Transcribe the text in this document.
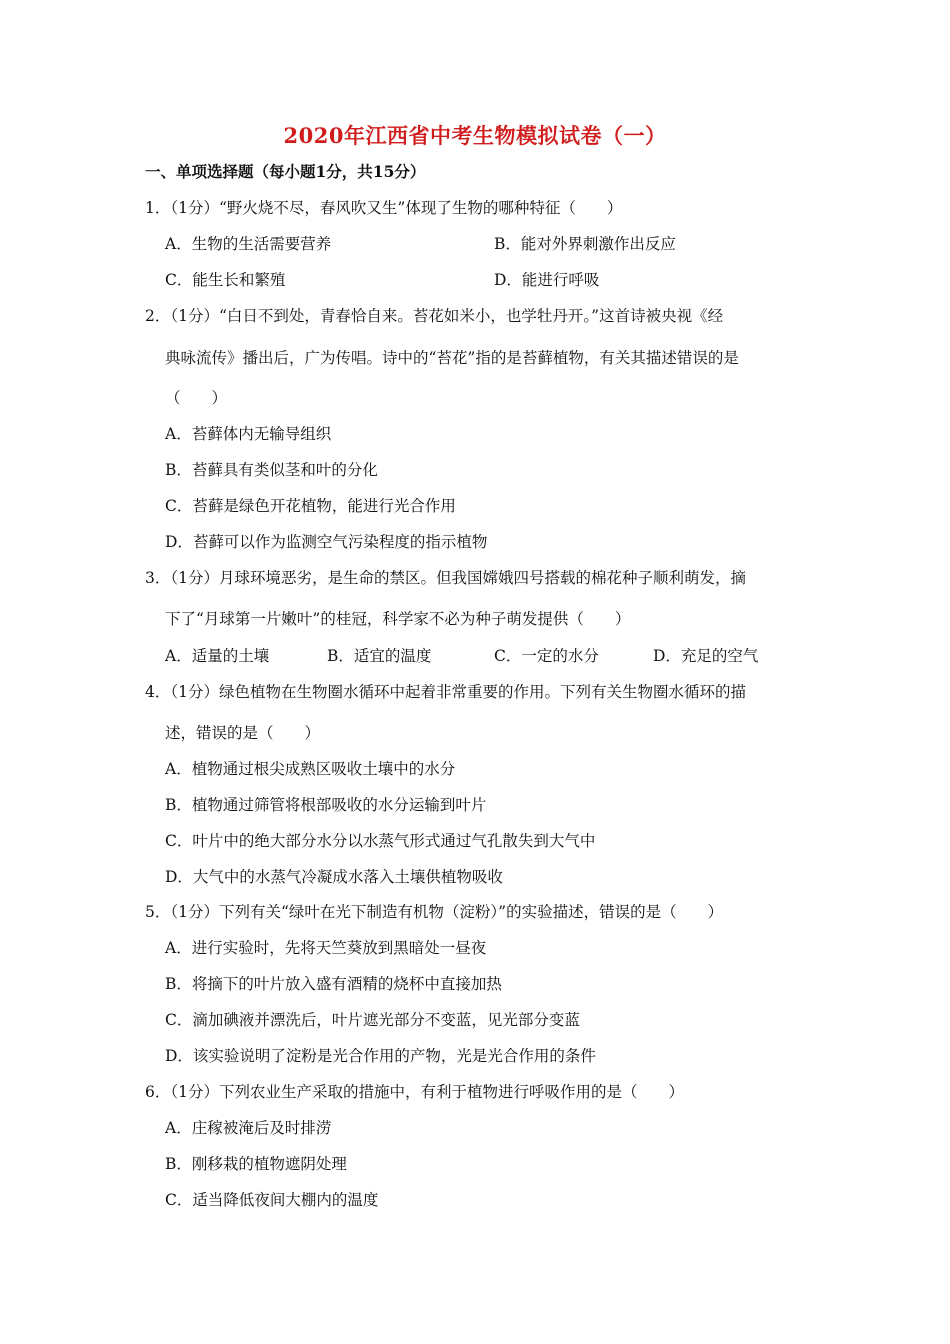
2020年江西省中考生物模拟试卷（一）
一、单项选择题（每小题1分，共15分）
1．（1分）“野火烧不尽，春风吹又生”体现了生物的哪种特征（　　）
A．生物的生活需要营养	B．能对外界刺激作出反应
C．能生长和繁殖	D．能进行呼吸
2．（1分）“白日不到处，青春恰自来。苔花如米小，也学牡丹开。”这首诗被央视《经
典咏流传》播出后，广为传唱。诗中的“苔花”指的是苔藓植物，有关其描述错误的是
（　　）
A．苔藓体内无输导组织
B．苔藓具有类似茎和叶的分化
C．苔藓是绿色开花植物，能进行光合作用
D．苔藓可以作为监测空气污染程度的指示植物
3．（1分）月球环境恶劣，是生命的禁区。但我国嫦娥四号搭载的棉花种子顺利萌发，摘
下了“月球第一片嫩叶”的桂冠，科学家不必为种子萌发提供（　　）
A．适量的土壤	B．适宜的温度	C．一定的水分	D．充足的空气
4．（1分）绿色植物在生物圈水循环中起着非常重要的作用。下列有关生物圈水循环的描
述，错误的是（　　）
A．植物通过根尖成熟区吸收土壤中的水分
B．植物通过筛管将根部吸收的水分运输到叶片
C．叶片中的绝大部分水分以水蒸气形式通过气孔散失到大气中
D．大气中的水蒸气冷凝成水落入土壤供植物吸收
5．（1分）下列有关“绿叶在光下制造有机物（淀粉）”的实验描述，错误的是（　　）
A．进行实验时，先将天竺葵放到黑暗处一昼夜
B．将摘下的叶片放入盛有酒精的烧杯中直接加热
C．滴加碘液并漂洗后，叶片遮光部分不变蓝，见光部分变蓝
D．该实验说明了淀粉是光合作用的产物，光是光合作用的条件
6．（1分）下列农业生产采取的措施中，有利于植物进行呼吸作用的是（　　）
A．庄稼被淹后及时排涝
B．刚移栽的植物遮阴处理
C．适当降低夜间大棚内的温度
